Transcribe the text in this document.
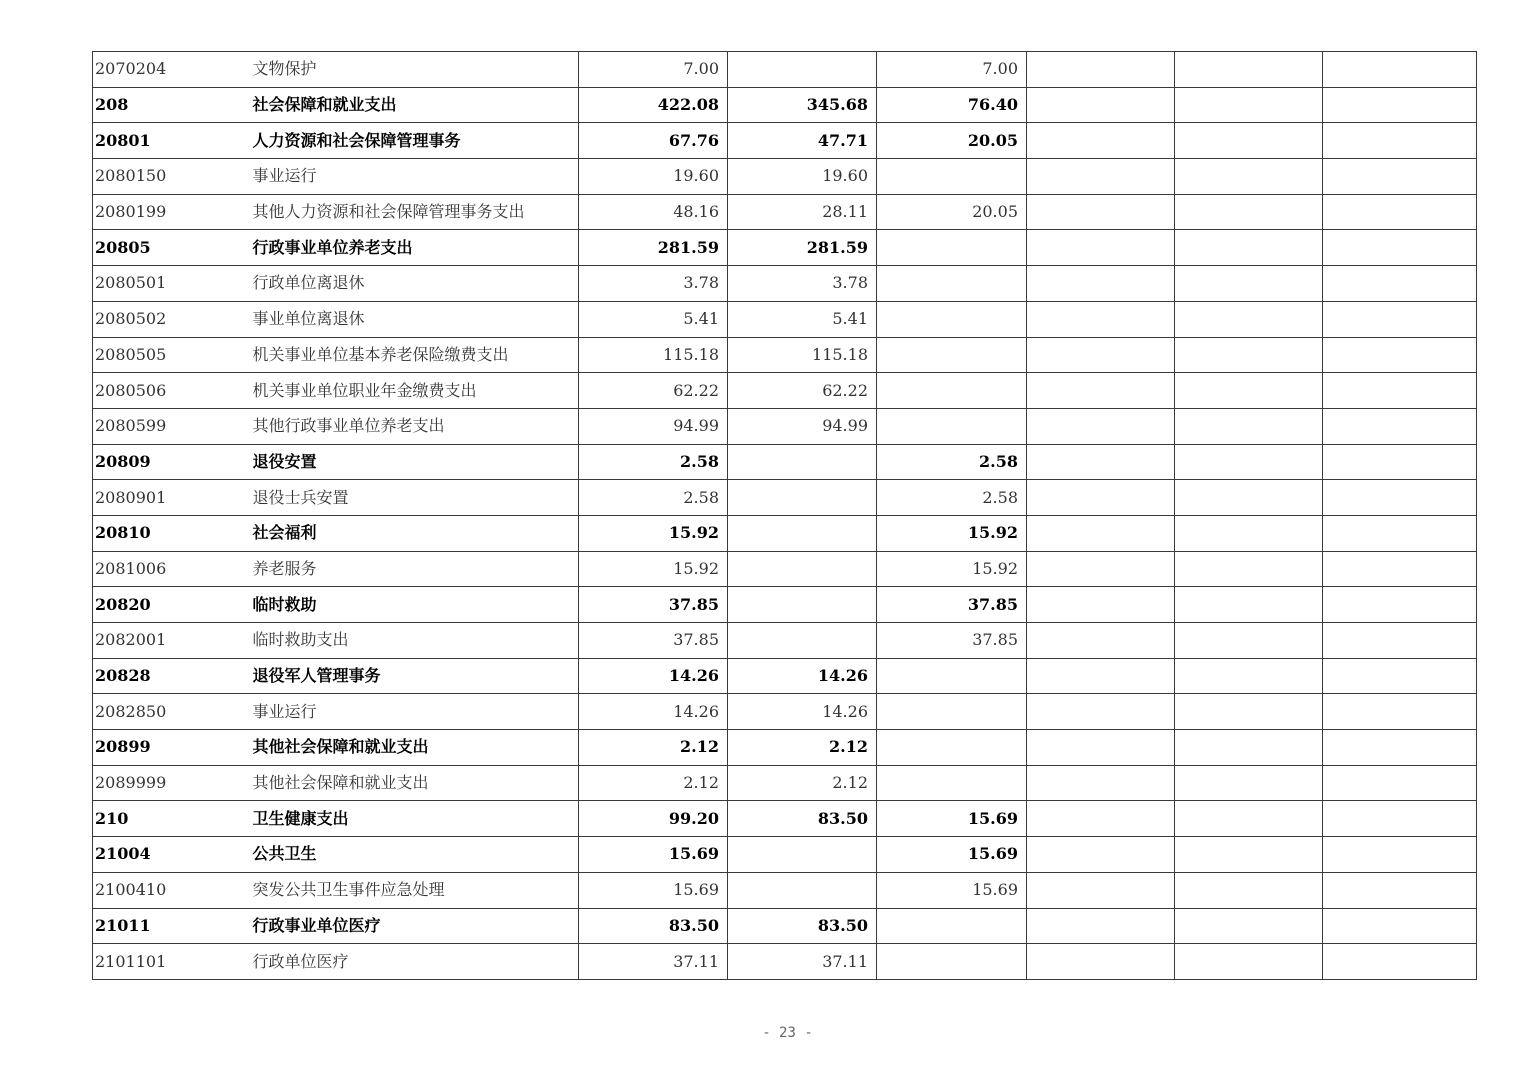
2070204	文物保护	7.00		7.00			
208	社会保障和就业支出	422.08	345.68	76.40			
20801	人力资源和社会保障管理事务	67.76	47.71	20.05			
2080150	事业运行	19.60	19.60				
2080199	其他人力资源和社会保障管理事务支出	48.16	28.11	20.05			
20805	行政事业单位养老支出	281.59	281.59				
2080501	行政单位离退休	3.78	3.78				
2080502	事业单位离退休	5.41	5.41				
2080505	机关事业单位基本养老保险缴费支出	115.18	115.18				
2080506	机关事业单位职业年金缴费支出	62.22	62.22				
2080599	其他行政事业单位养老支出	94.99	94.99				
20809	退役安置	2.58		2.58			
2080901	退役士兵安置	2.58		2.58			
20810	社会福利	15.92		15.92			
2081006	养老服务	15.92		15.92			
20820	临时救助	37.85		37.85			
2082001	临时救助支出	37.85		37.85			
20828	退役军人管理事务	14.26	14.26				
2082850	事业运行	14.26	14.26				
20899	其他社会保障和就业支出	2.12	2.12				
2089999	其他社会保障和就业支出	2.12	2.12				
210	卫生健康支出	99.20	83.50	15.69			
21004	公共卫生	15.69		15.69			
2100410	突发公共卫生事件应急处理	15.69		15.69			
21011	行政事业单位医疗	83.50	83.50				
2101101	行政单位医疗	37.11	37.11				
- 23 -
